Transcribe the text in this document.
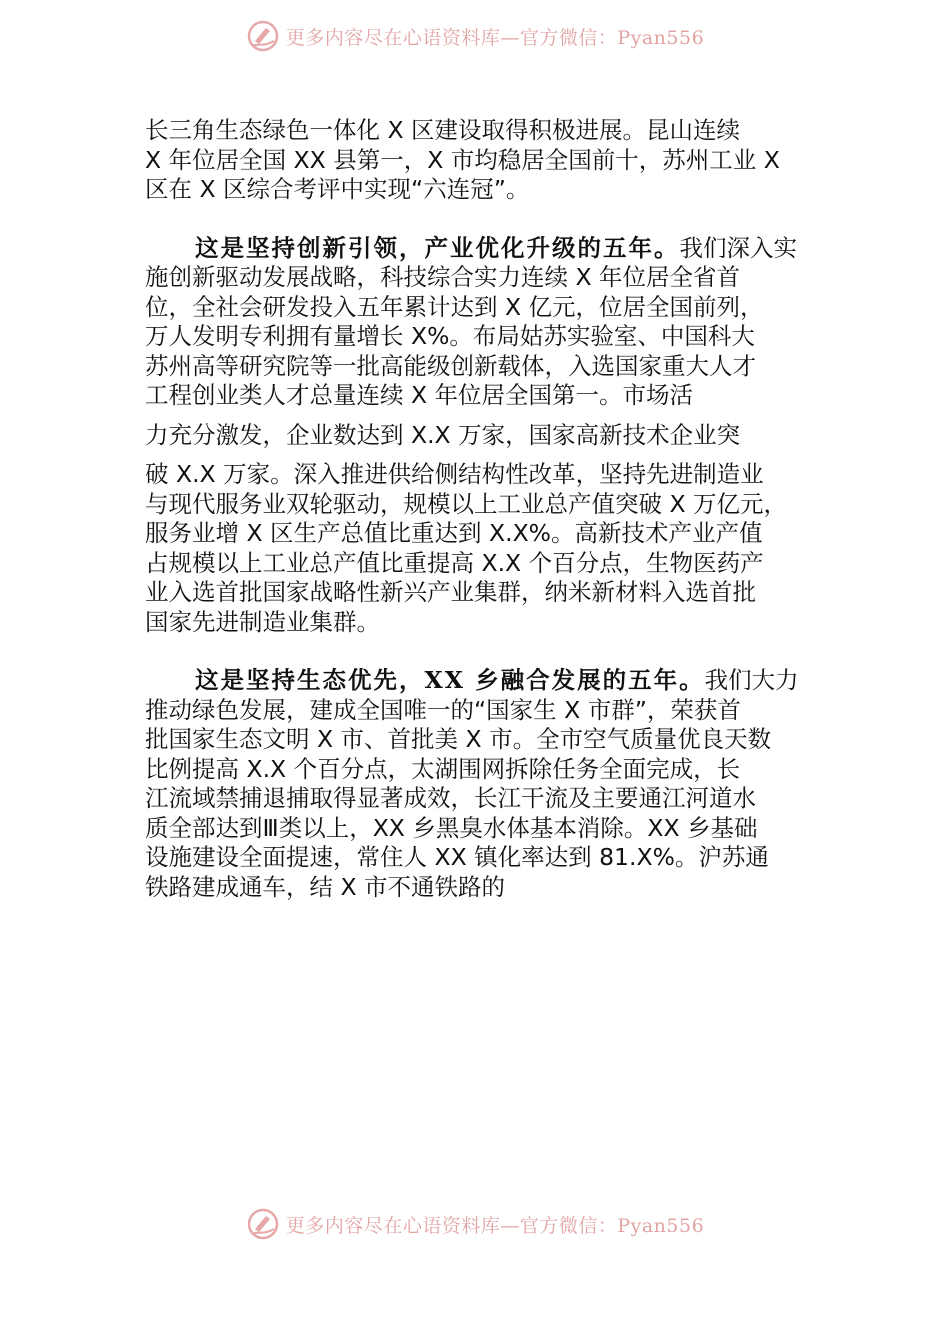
更多内容尽在心语资料库—官方微信：Pyan556

长三角生态绿色一体化 X 区建设取得积极进展。昆山连续
X 年位居全国 XX 县第一，X 市均稳居全国前十，苏州工业 X
区在 X 区综合考评中实现“六连冠”。

这是坚持创新引领，产业优化升级的五年。我们深入实
施创新驱动发展战略，科技综合实力连续 X 年位居全省首
位，全社会研发投入五年累计达到 X 亿元，位居全国前列，
万人发明专利拥有量增长 X%。布局姑苏实验室、中国科大
苏州高等研究院等一批高能级创新载体，入选国家重大人才
工程创业类人才总量连续 X 年位居全国第一。市场活
力充分激发，企业数达到 X.X 万家，国家高新技术企业突
破 X.X 万家。深入推进供给侧结构性改革，坚持先进制造业
与现代服务业双轮驱动，规模以上工业总产值突破 X 万亿元，
服务业增 X 区生产总值比重达到 X.X%。高新技术产业产值
占规模以上工业总产值比重提高 X.X 个百分点，生物医药产
业入选首批国家战略性新兴产业集群，纳米新材料入选首批
国家先进制造业集群。

这是坚持生态优先，XX 乡融合发展的五年。我们大力
推动绿色发展，建成全国唯一的“国家生 X 市群”，荣获首
批国家生态文明 X 市、首批美 X 市。全市空气质量优良天数
比例提高 X.X 个百分点，太湖围网拆除任务全面完成，长
江流域禁捕退捕取得显著成效，长江干流及主要通江河道水
质全部达到Ⅲ类以上，XX 乡黑臭水体基本消除。XX 乡基础
设施建设全面提速，常住人 XX 镇化率达到 81.X%。沪苏通
铁路建成通车，结 X 市不通铁路的

更多内容尽在心语资料库—官方微信：Pyan556
